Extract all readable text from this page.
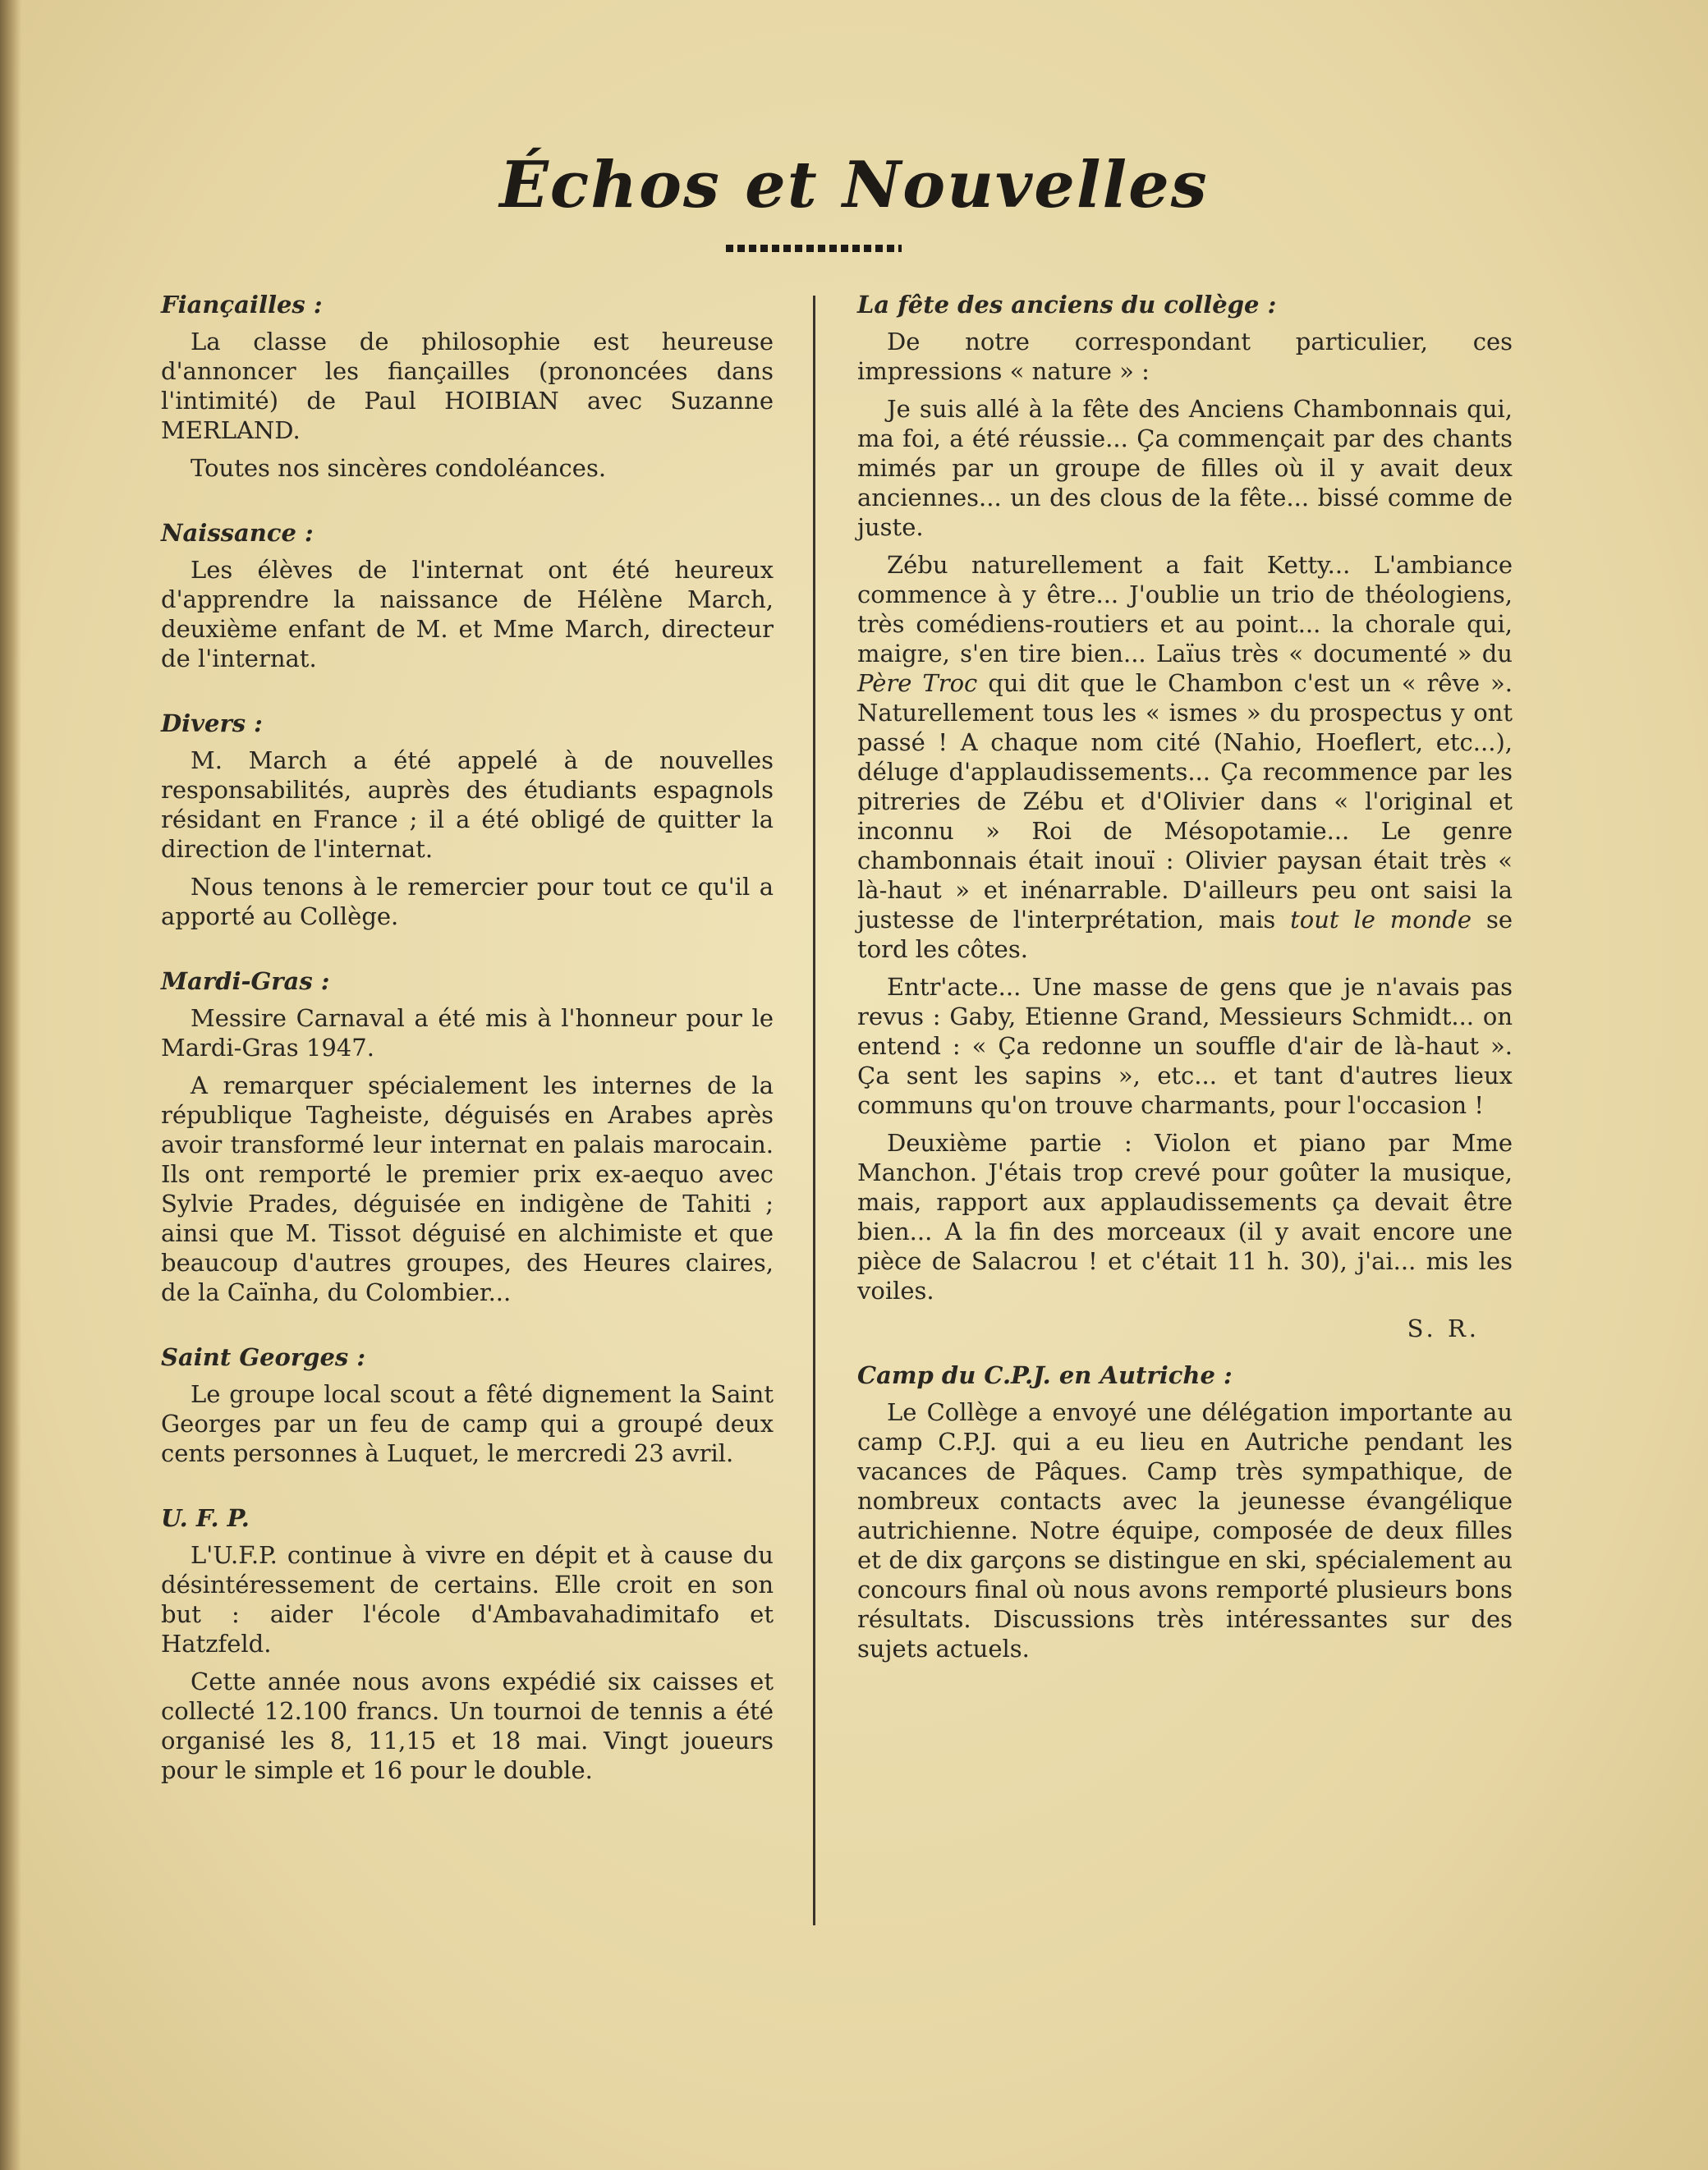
Échos et Nouvelles
Fiançailles :

La classe de philosophie est heureuse d'annoncer les fiançailles (prononcées dans l'intimité) de Paul HOIBIAN avec Suzanne MERLAND.

Toutes nos sincères condoléances.

Naissance :

Les élèves de l'internat ont été heureux d'apprendre la naissance de Hélène March, deuxième enfant de M. et Mme March, directeur de l'internat.

Divers :

M. March a été appelé à de nouvelles responsabilités, auprès des étudiants espagnols résidant en France ; il a été obligé de quitter la direction de l'internat.

Nous tenons à le remercier pour tout ce qu'il a apporté au Collège.

Mardi-Gras :

Messire Carnaval a été mis à l'honneur pour le Mardi-Gras 1947.

A remarquer spécialement les internes de la république Tagheiste, déguisés en Arabes après avoir transformé leur internat en palais marocain. Ils ont remporté le premier prix ex-aequo avec Sylvie Prades, déguisée en indigène de Tahiti ; ainsi que M. Tissot déguisé en alchimiste et que beaucoup d'autres groupes, des Heures claires, de la Caïnha, du Colombier...

Saint Georges :

Le groupe local scout a fêté dignement la Saint Georges par un feu de camp qui a groupé deux cents personnes à Luquet, le mercredi 23 avril.

U. F. P.

L'U.F.P. continue à vivre en dépit et à cause du désintéressement de certains. Elle croit en son but : aider l'école d'Ambavahadimitafo et Hatzfeld.

Cette année nous avons expédié six caisses et collecté 12.100 francs. Un tournoi de tennis a été organisé les 8, 11,15 et 18 mai. Vingt joueurs pour le simple et 16 pour le double.

La fête des anciens du collège :

De notre correspondant particulier, ces impressions « nature » :

Je suis allé à la fête des Anciens Chambonnais qui, ma foi, a été réussie... Ça commençait par des chants mimés par un groupe de filles où il y avait deux anciennes... un des clous de la fête... bissé comme de juste.

Zébu naturellement a fait Ketty... L'ambiance commence à y être... J'oublie un trio de théologiens, très comédiens-routiers et au point... la chorale qui, maigre, s'en tire bien... Laïus très « documenté » du Père Troc qui dit que le Chambon c'est un « rêve ». Naturellement tous les « ismes » du prospectus y ont passé ! A chaque nom cité (Nahio, Hoeflert, etc...), déluge d'applaudissements... Ça recommence par les pitreries de Zébu et d'Olivier dans « l'original et inconnu » Roi de Mésopotamie... Le genre chambonnais était inouï : Olivier paysan était très « là-haut » et inénarrable. D'ailleurs peu ont saisi la justesse de l'interprétation, mais tout le monde se tord les côtes.

Entr'acte... Une masse de gens que je n'avais pas revus : Gaby, Etienne Grand, Messieurs Schmidt... on entend : « Ça redonne un souffle d'air de là-haut ». Ça sent les sapins », etc... et tant d'autres lieux communs qu'on trouve charmants, pour l'occasion !

Deuxième partie : Violon et piano par Mme Manchon. J'étais trop crevé pour goûter la musique, mais, rapport aux applaudissements ça devait être bien... A la fin des morceaux (il y avait encore une pièce de Salacrou ! et c'était 11 h. 30), j'ai... mis les voiles.

S. R.
Camp du C.P.J. en Autriche :

Le Collège a envoyé une délégation importante au camp C.P.J. qui a eu lieu en Autriche pendant les vacances de Pâques. Camp très sympathique, de nombreux contacts avec la jeunesse évangélique autrichienne. Notre équipe, composée de deux filles et de dix garçons se distingue en ski, spécialement au concours final où nous avons remporté plusieurs bons résultats. Discussions très intéressantes sur des sujets actuels.
